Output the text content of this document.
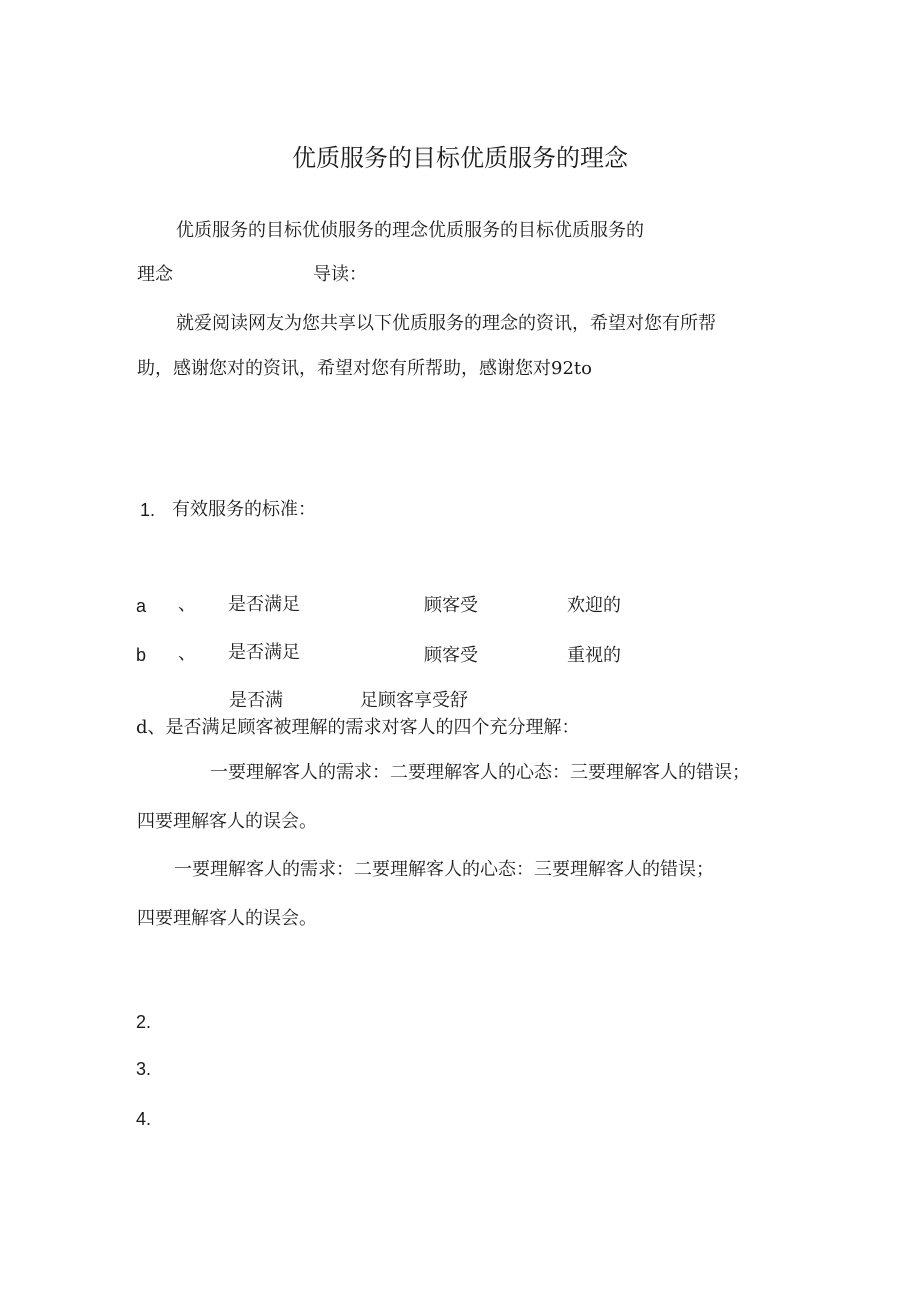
优质服务的目标优质服务的理念
优质服务的目标优侦服务的理念优质服务的目标优质服务的
理念	导读：
就爱阅读网友为您共享以下优质服务的理念的资讯，希望对您有所帮
助，感谢您对的资讯，希望对您有所帮助，感谢您对92to
1. 有效服务的标准：
a 、 是否满足	顾客受	欢迎的
b 、 是否满足	顾客受	重视的
是否满	足顾客享受舒
d、是否满足顾客被理解的需求对客人的四个充分理解：
一要理解客人的需求：二要理解客人的心态：三要理解客人的错误；
四要理解客人的误会。
一要理解客人的需求：二要理解客人的心态：三要理解客人的错误；
四要理解客人的误会。
2.
3.
4.
